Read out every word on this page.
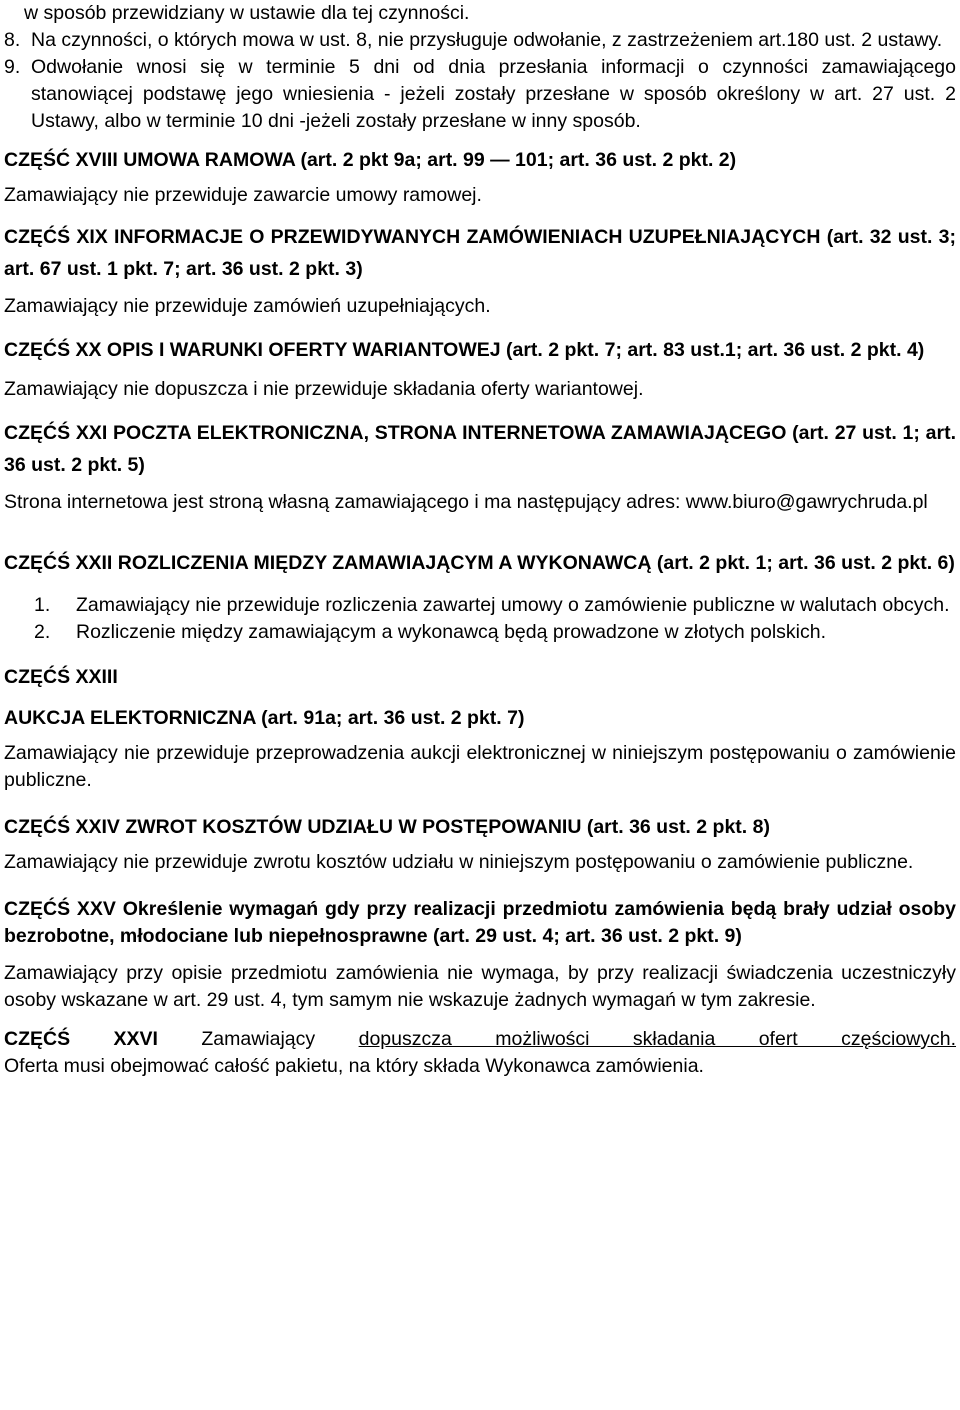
w sposób przewidziany w ustawie dla tej czynności.

8. Na czynności, o których mowa w ust. 8, nie przysługuje odwołanie, z zastrzeżeniem art.180 ust. 2 ustawy.
9. Odwołanie wnosi się w terminie 5 dni od dnia przesłania informacji o czynności zamawiającego stanowiącej podstawę jego wniesienia - jeżeli zostały przesłane w sposób określony w art. 27 ust. 2 Ustawy, albo w terminie 10 dni -jeżeli zostały przesłane w inny sposób.

CZĘŚĆ XVIII UMOWA RAMOWA (art. 2 pkt 9a; art. 99 — 101; art. 36 ust. 2 pkt. 2)

Zamawiający nie przewiduje zawarcie umowy ramowej.

CZĘĆŚ XIX INFORMACJE O PRZEWIDYWANYCH ZAMÓWIENIACH UZUPEŁNIAJĄCYCH (art. 32 ust. 3; art. 67 ust. 1 pkt. 7; art. 36 ust. 2 pkt. 3)

Zamawiający nie przewiduje zamówień uzupełniających.

CZĘĆŚ XX OPIS I WARUNKI OFERTY WARIANTOWEJ (art. 2 pkt. 7; art. 83 ust.1; art. 36 ust. 2 pkt. 4)

Zamawiający nie dopuszcza i nie przewiduje składania oferty wariantowej.

CZĘĆŚ XXI POCZTA ELEKTRONICZNA, STRONA INTERNETOWA ZAMAWIAJĄCEGO (art. 27 ust. 1; art. 36 ust. 2 pkt. 5)

Strona internetowa jest stroną własną zamawiającego i ma następujący adres: www.biuro@gawrychruda.pl

CZĘĆŚ XXII ROZLICZENIA MIĘDZY ZAMAWIAJĄCYM A WYKONAWCĄ (art. 2 pkt. 1; art. 36 ust. 2 pkt. 6)

1.	Zamawiający nie przewiduje rozliczenia zawartej umowy o zamówienie publiczne w walutach obcych.
2.	Rozliczenie między zamawiającym a wykonawcą będą prowadzone w złotych polskich.

CZĘĆŚ XXIII

AUKCJA ELEKTORNICZNA (art. 91a; art. 36 ust. 2 pkt. 7)

Zamawiający nie przewiduje przeprowadzenia aukcji elektronicznej w niniejszym postępowaniu o zamówienie publiczne.

CZĘĆŚ XXIV ZWROT KOSZTÓW UDZIAŁU W POSTĘPOWANIU (art. 36 ust. 2 pkt. 8)

Zamawiający nie przewiduje zwrotu kosztów udziału w niniejszym postępowaniu o zamówienie publiczne.

CZĘĆŚ XXV Określenie wymagań gdy przy realizacji przedmiotu zamówienia będą brały udział osoby bezrobotne, młodociane lub niepełnosprawne (art. 29 ust. 4; art. 36 ust. 2 pkt. 9)

Zamawiający przy opisie przedmiotu zamówienia nie wymaga, by przy realizacji świadczenia uczestniczyły osoby wskazane w art. 29 ust. 4, tym samym nie wskazuje żadnych wymagań w tym zakresie.

CZĘĆŚ XXVI Zamawiający dopuszcza możliwości składania ofert częściowych.

Oferta musi obejmować całość pakietu, na który składa Wykonawca zamówienia.
